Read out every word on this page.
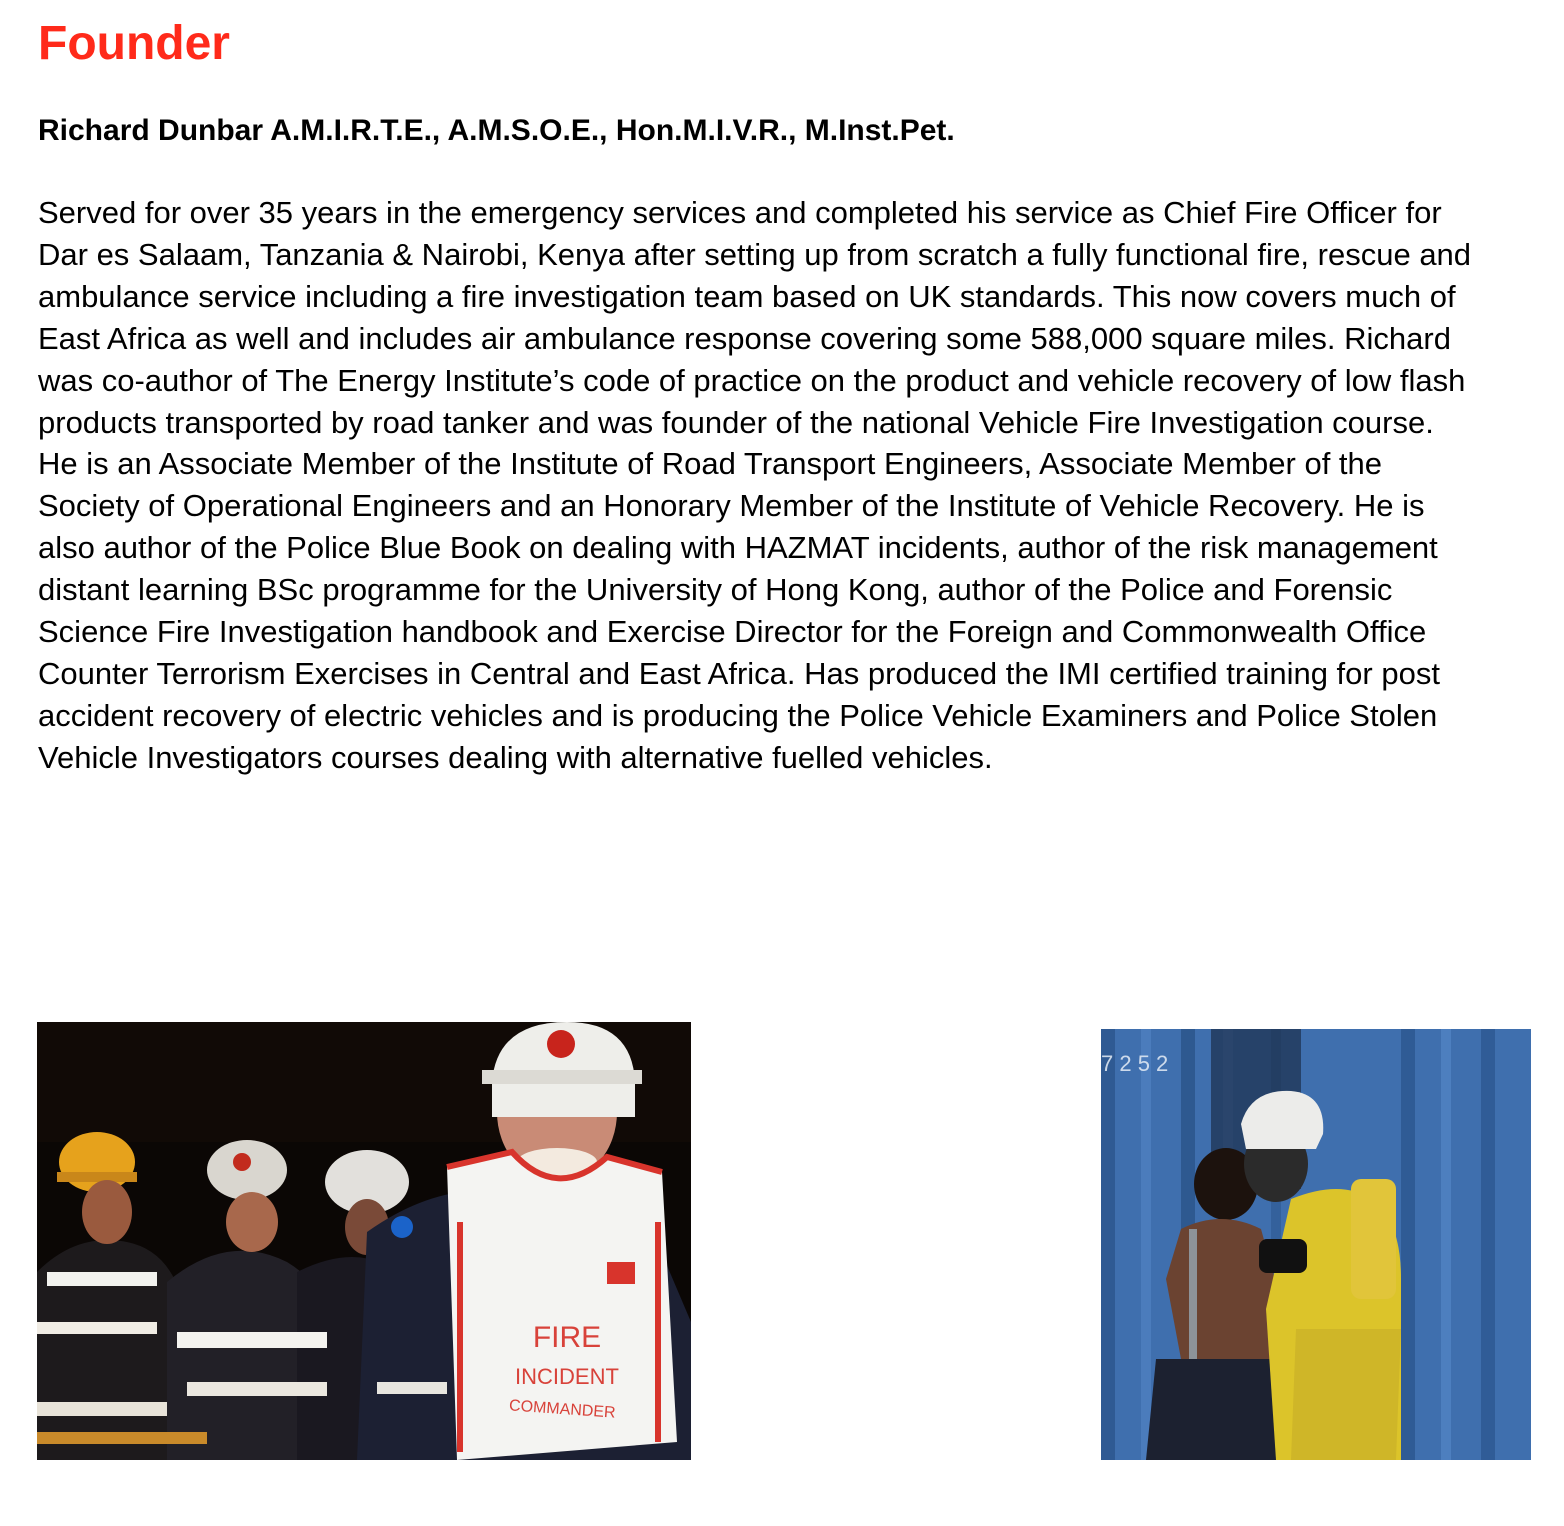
Founder
Richard Dunbar A.M.I.R.T.E., A.M.S.O.E., Hon.M.I.V.R., M.Inst.Pet.

Served for over 35 years in the emergency services and completed his service as Chief Fire Officer for Dar es Salaam, Tanzania & Nairobi, Kenya after setting up from scratch a fully functional fire, rescue and ambulance service including a fire investigation team based on UK standards. This now covers much of East Africa as well and includes air ambulance response covering some 588,000 square miles. Richard was co-author of The Energy Institute’s code of practice on the product and vehicle recovery of low flash products transported by road tanker and was founder of the national Vehicle Fire Investigation course. He is an Associate Member of the Institute of Road Transport Engineers, Associate Member of the Society of Operational Engineers and an Honorary Member of the Institute of Vehicle Recovery. He is also author of the Police Blue Book on dealing with HAZMAT incidents, author of the risk management distant learning BSc programme for the University of Hong Kong, author of the Police and Forensic Science Fire Investigation handbook and Exercise Director for the Foreign and Commonwealth Office Counter Terrorism Exercises in Central and East Africa. Has produced the IMI certified training for post accident recovery of electric vehicles and is producing the Police Vehicle Examiners and Police Stolen Vehicle Investigators courses dealing with alternative fuelled vehicles.

FIRE
INCIDENT
COMMANDER
7 2 5 2
